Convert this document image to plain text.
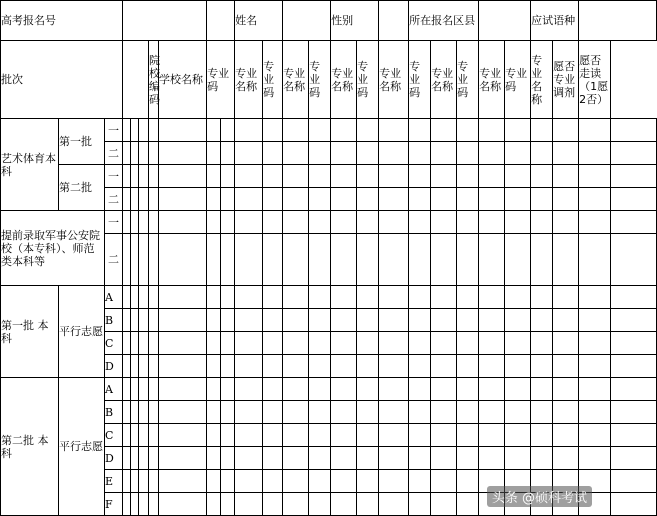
高考报名号										姓名				性别			所在报名区县					应试语种			
批次						院校编码	学校名称	专业码		专业名称	专业码	专业名称	专业码	专业名称	专业码	专业名称	专业码	专业名称	专业码	专业名称	专业码	专业名称	愿否专业调剂	愿否走读（1愿2否）	
艺术体育本科	第一批	一																							
		二																							
	第二批	一																							
		二																							
提前录取军事公安院校（本专科）、师范类本科等		一																							
		二																							
第一批 本 科	平行志愿	A																							
		B																							
		C																							
		D																							
第二批 本 科	平行志愿	A																							
		B																							
		C																							
		D																							
		E																							
		F																								头条 @硕科考试
